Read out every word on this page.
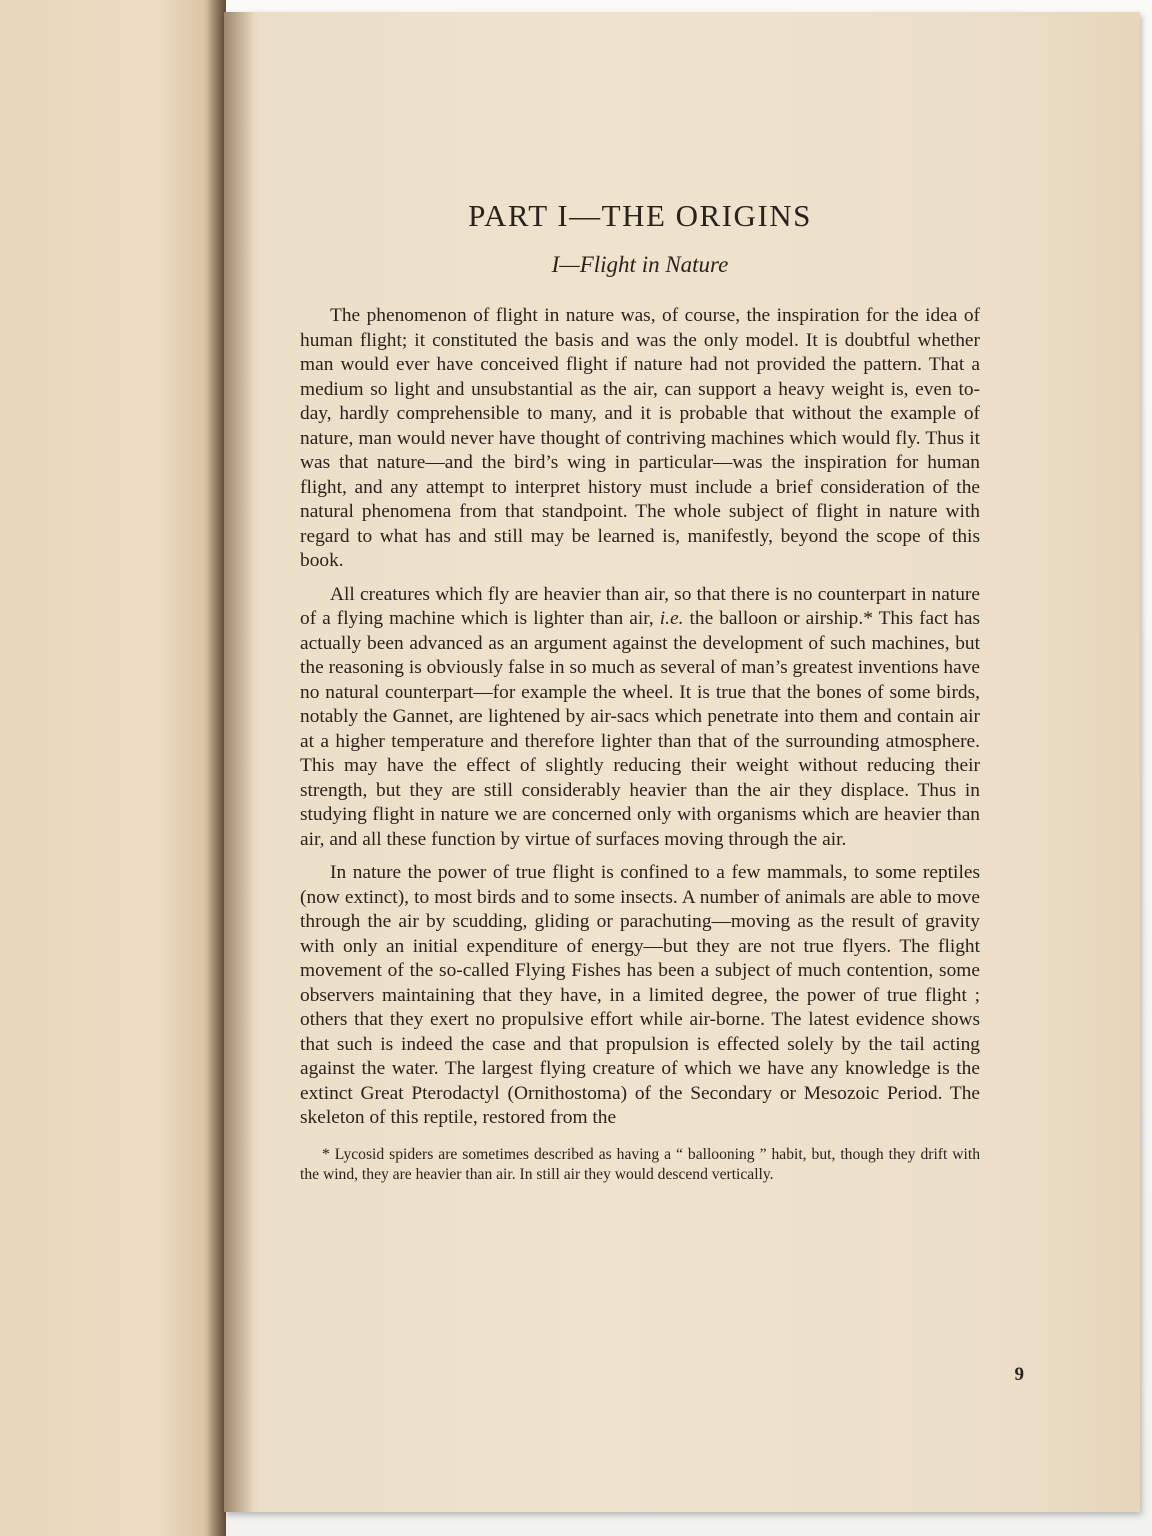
PART I—THE ORIGINS
I—Flight in Nature

The phenomenon of flight in nature was, of course, the inspiration for the idea of human flight; it constituted the basis and was the only model. It is doubtful whether man would ever have conceived flight if nature had not provided the pattern. That a medium so light and unsubstantial as the air, can support a heavy weight is, even to-day, hardly comprehensible to many, and it is probable that without the example of nature, man would never have thought of contriving machines which would fly. Thus it was that nature—and the bird’s wing in particular—was the inspiration for human flight, and any attempt to interpret history must include a brief consideration of the natural phenomena from that standpoint. The whole subject of flight in nature with regard to what has and still may be learned is, manifestly, beyond the scope of this book.

All creatures which fly are heavier than air, so that there is no counterpart in nature of a flying machine which is lighter than air, i.e. the balloon or airship.* This fact has actually been advanced as an argument against the development of such machines, but the reasoning is obviously false in so much as several of man’s greatest inventions have no natural counterpart—for example the wheel. It is true that the bones of some birds, notably the Gannet, are lightened by air-sacs which penetrate into them and contain air at a higher temperature and therefore lighter than that of the surrounding atmosphere. This may have the effect of slightly reducing their weight without reducing their strength, but they are still considerably heavier than the air they displace. Thus in studying flight in nature we are concerned only with organisms which are heavier than air, and all these function by virtue of surfaces moving through the air.

In nature the power of true flight is confined to a few mammals, to some reptiles (now extinct), to most birds and to some insects. A number of animals are able to move through the air by scudding, gliding or parachuting—moving as the result of gravity with only an initial expenditure of energy—but they are not true flyers. The flight movement of the so-called Flying Fishes has been a subject of much contention, some observers maintaining that they have, in a limited degree, the power of true flight ; others that they exert no propulsive effort while air-borne. The latest evidence shows that such is indeed the case and that propulsion is effected solely by the tail acting against the water. The largest flying creature of which we have any knowledge is the extinct Great Pterodactyl (Ornithostoma) of the Secondary or Mesozoic Period. The skeleton of this reptile, restored from the

* Lycosid spiders are sometimes described as having a “ ballooning ” habit, but, though they drift with the wind, they are heavier than air. In still air they would descend vertically.

9
